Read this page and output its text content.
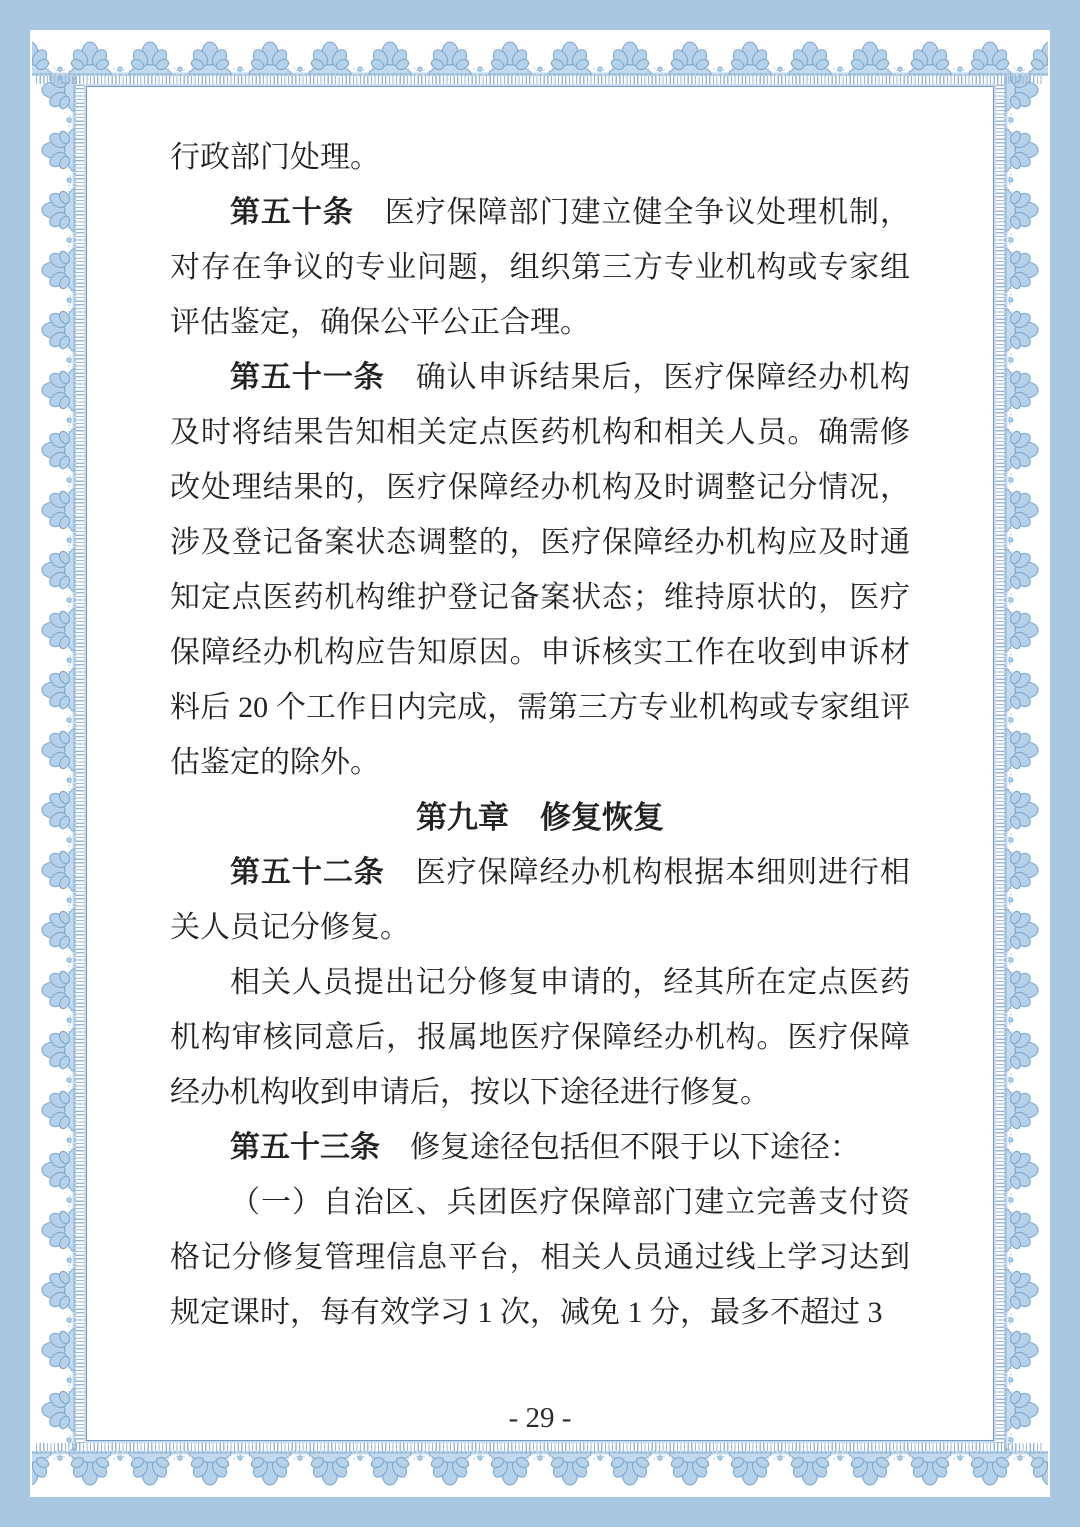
行政部门处理。

第五十条 医疗保障部门建立健全争议处理机制，对存在争议的专业问题，组织第三方专业机构或专家组评估鉴定，确保公平公正合理。

第五十一条 确认申诉结果后，医疗保障经办机构及时将结果告知相关定点医药机构和相关人员。确需修改处理结果的，医疗保障经办机构及时调整记分情况，涉及登记备案状态调整的，医疗保障经办机构应及时通知定点医药机构维护登记备案状态；维持原状的，医疗保障经办机构应告知原因。申诉核实工作在收到申诉材料后 20 个工作日内完成，需第三方专业机构或专家组评估鉴定的除外。

第九章　修复恢复

第五十二条 医疗保障经办机构根据本细则进行相关人员记分修复。

相关人员提出记分修复申请的，经其所在定点医药机构审核同意后，报属地医疗保障经办机构。医疗保障经办机构收到申请后，按以下途径进行修复。

第五十三条 修复途径包括但不限于以下途径：

（一）自治区、兵团医疗保障部门建立完善支付资格记分修复管理信息平台，相关人员通过线上学习达到规定课时，每有效学习 1 次，减免 1 分，最多不超过 3

- 29 -
